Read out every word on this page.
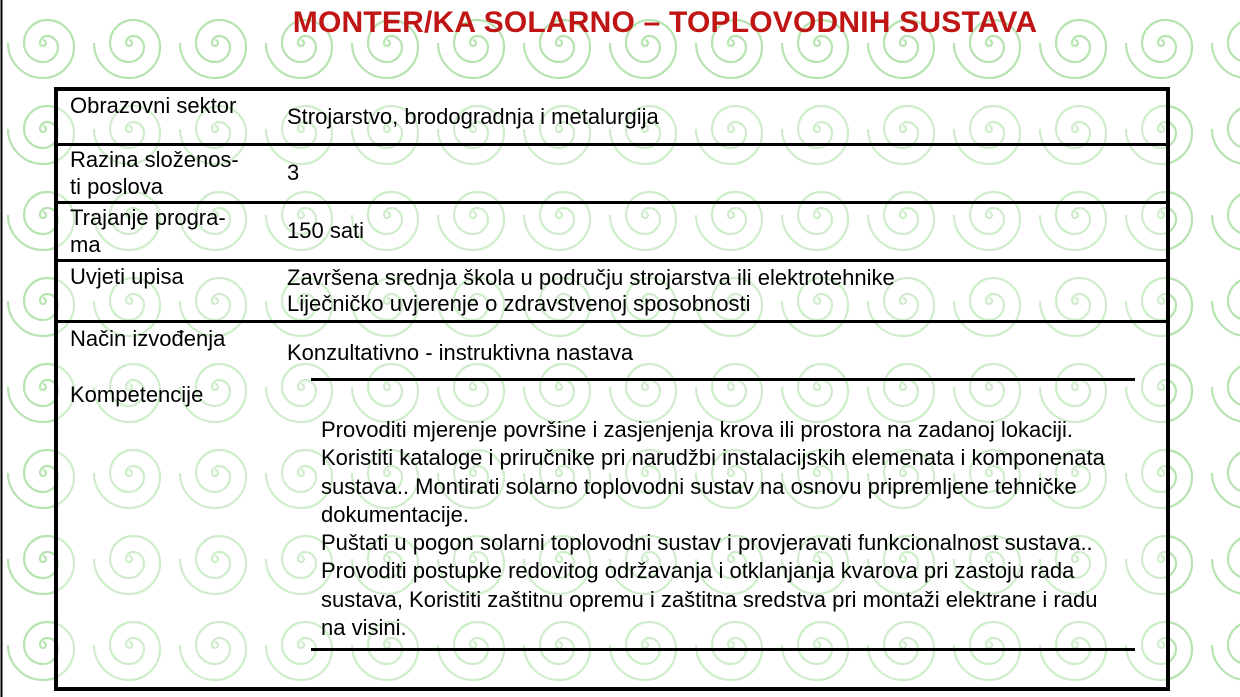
MONTER/KA SOLARNO – TOPLOVODNIH SUSTAVA
Obrazovni sektor Strojarstvo, brodogradnja i metalurgija
Razina složenos-
ti poslova
3
Trajanje progra-
ma
150 sati
Uvjeti upisa	Završena srednja škola u području strojarstva ili elektrotehnike
Liječničko uvjerenje o zdravstvenoj sposobnosti
Način izvođenja
Konzultativno - instruktivna nastava
Kompetencije

Provoditi mjerenje površine i zasjenjenja krova ili prostora na zadanoj lokaciji. Koristiti kataloge i priručnike pri narudžbi instalacijskih elemenata i komponenata sustava.. Montirati solarno toplovodni sustav na osnovu pripremljene tehničke dokumentacije.

Puštati u pogon solarni toplovodni sustav i provjeravati funkcionalnost sustava.. Provoditi postupke redovitog održavanja i otklanjanja kvarova pri zastoju rada sustava, Koristiti zaštitnu opremu i zaštitna sredstva pri montaži elektrane i radu na visini.
